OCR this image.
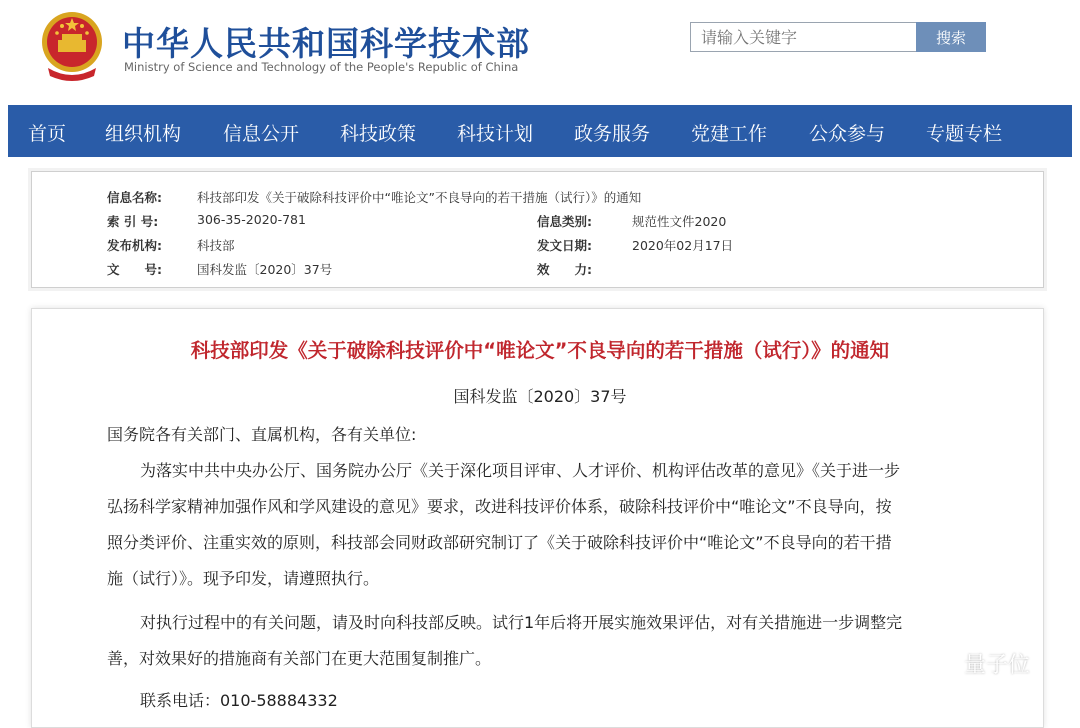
中华人民共和国科学技术部
Ministry of Science and Technology of the People's Republic of China
请输入关键字
搜索
首页 组织机构 信息公开 科技政策 科技计划 政务服务 党建工作 公众参与 专题专栏
信息名称:	科技部印发《关于破除科技评价中“唯论文”不良导向的若干措施（试行）》的通知
索 引 号:	306-35-2020-781	信息类别:	规范性文件2020
发布机构:	科技部	发文日期:	2020年02月17日
文　　号:	国科发监〔2020〕37号	效　　力:
科技部印发《关于破除科技评价中“唯论文”不良导向的若干措施（试行）》的通知
国科发监〔2020〕37号
国务院各有关部门、直属机构，各有关单位:
为落实中共中央办公厅、国务院办公厅《关于深化项目评审、人才评价、机构评估改革的意见》《关于进一步
弘扬科学家精神加强作风和学风建设的意见》要求，改进科技评价体系，破除科技评价中“唯论文”不良导向，按
照分类评价、注重实效的原则，科技部会同财政部研究制订了《关于破除科技评价中“唯论文”不良导向的若干措
施（试行）》。现予印发，请遵照执行。
对执行过程中的有关问题，请及时向科技部反映。试行1年后将开展实施效果评估，对有关措施进一步调整完
善，对效果好的措施商有关部门在更大范围复制推广。
联系电话：010-58884332
量子位
